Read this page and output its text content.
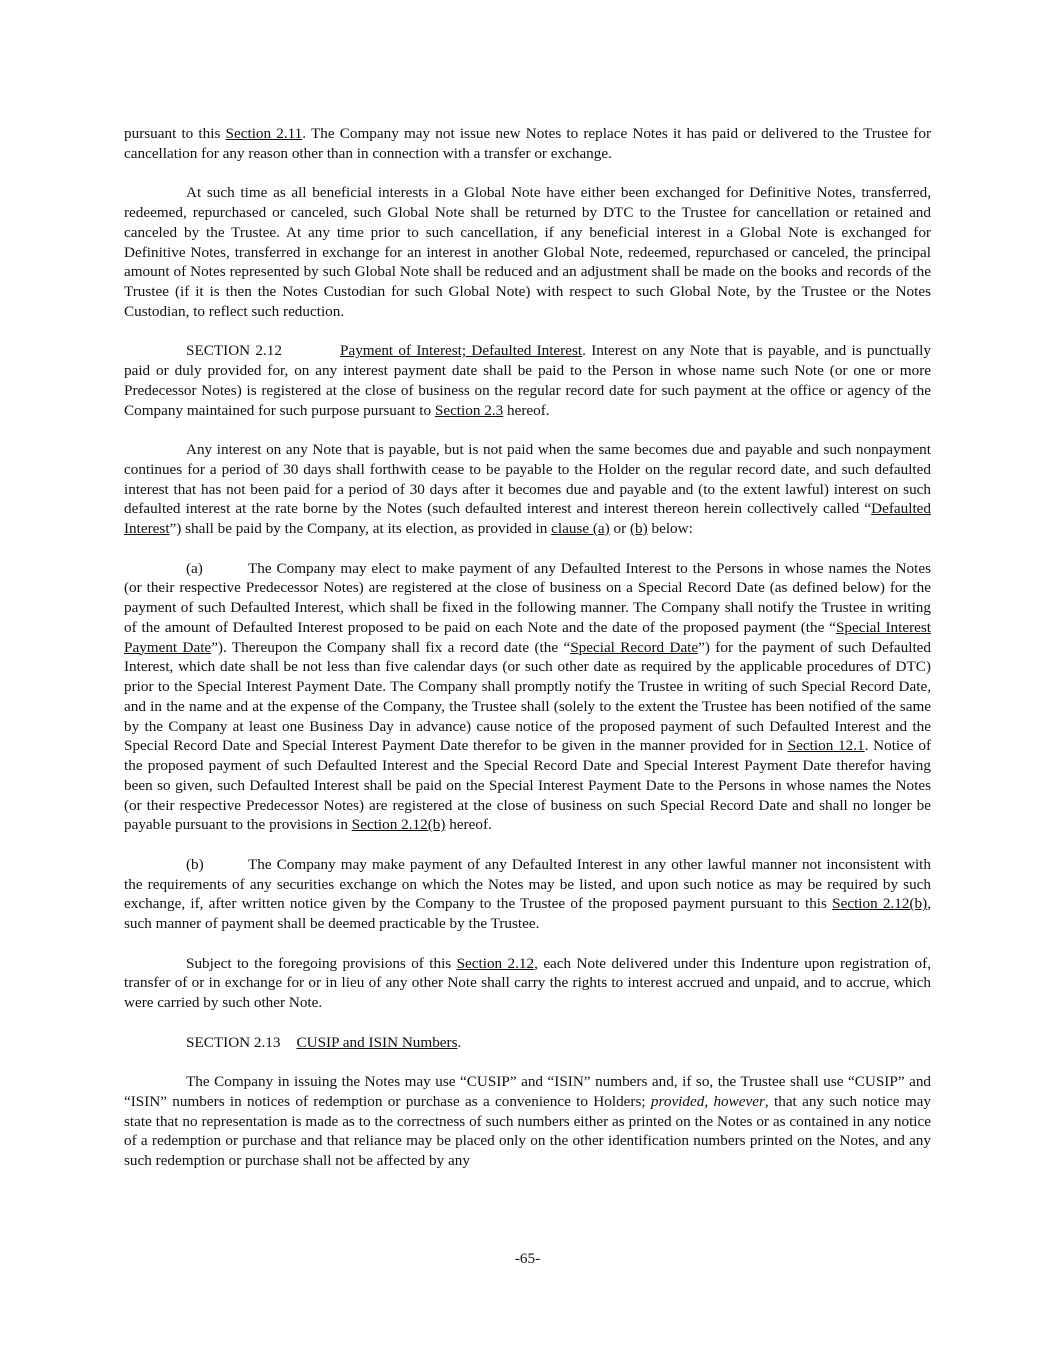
pursuant to this Section 2.11. The Company may not issue new Notes to replace Notes it has paid or delivered to the Trustee for cancellation for any reason other than in connection with a transfer or exchange.

At such time as all beneficial interests in a Global Note have either been exchanged for Definitive Notes, transferred, redeemed, repurchased or canceled, such Global Note shall be returned by DTC to the Trustee for cancellation or retained and canceled by the Trustee. At any time prior to such cancellation, if any beneficial interest in a Global Note is exchanged for Definitive Notes, transferred in exchange for an interest in another Global Note, redeemed, repurchased or canceled, the principal amount of Notes represented by such Global Note shall be reduced and an adjustment shall be made on the books and records of the Trustee (if it is then the Notes Custodian for such Global Note) with respect to such Global Note, by the Trustee or the Notes Custodian, to reflect such reduction.

SECTION 2.12	Payment of Interest; Defaulted Interest. Interest on any Note that is payable, and is punctually paid or duly provided for, on any interest payment date shall be paid to the Person in whose name such Note (or one or more Predecessor Notes) is registered at the close of business on the regular record date for such payment at the office or agency of the Company maintained for such purpose pursuant to Section 2.3 hereof.

Any interest on any Note that is payable, but is not paid when the same becomes due and payable and such nonpayment continues for a period of 30 days shall forthwith cease to be payable to the Holder on the regular record date, and such defaulted interest that has not been paid for a period of 30 days after it becomes due and payable and (to the extent lawful) interest on such defaulted interest at the rate borne by the Notes (such defaulted interest and interest thereon herein collectively called “Defaulted Interest”) shall be paid by the Company, at its election, as provided in clause (a) or (b) below:

(a)	The Company may elect to make payment of any Defaulted Interest to the Persons in whose names the Notes (or their respective Predecessor Notes) are registered at the close of business on a Special Record Date (as defined below) for the payment of such Defaulted Interest, which shall be fixed in the following manner. The Company shall notify the Trustee in writing of the amount of Defaulted Interest proposed to be paid on each Note and the date of the proposed payment (the “Special Interest Payment Date”). Thereupon the Company shall fix a record date (the “Special Record Date”) for the payment of such Defaulted Interest, which date shall be not less than five calendar days (or such other date as required by the applicable procedures of DTC) prior to the Special Interest Payment Date. The Company shall promptly notify the Trustee in writing of such Special Record Date, and in the name and at the expense of the Company, the Trustee shall (solely to the extent the Trustee has been notified of the same by the Company at least one Business Day in advance) cause notice of the proposed payment of such Defaulted Interest and the Special Record Date and Special Interest Payment Date therefor to be given in the manner provided for in Section 12.1. Notice of the proposed payment of such Defaulted Interest and the Special Record Date and Special Interest Payment Date therefor having been so given, such Defaulted Interest shall be paid on the Special Interest Payment Date to the Persons in whose names the Notes (or their respective Predecessor Notes) are registered at the close of business on such Special Record Date and shall no longer be payable pursuant to the provisions in Section 2.12(b) hereof.

(b)	The Company may make payment of any Defaulted Interest in any other lawful manner not inconsistent with the requirements of any securities exchange on which the Notes may be listed, and upon such notice as may be required by such exchange, if, after written notice given by the Company to the Trustee of the proposed payment pursuant to this Section 2.12(b), such manner of payment shall be deemed practicable by the Trustee.

Subject to the foregoing provisions of this Section 2.12, each Note delivered under this Indenture upon registration of, transfer of or in exchange for or in lieu of any other Note shall carry the rights to interest accrued and unpaid, and to accrue, which were carried by such other Note.

SECTION 2.13 CUSIP and ISIN Numbers.

The Company in issuing the Notes may use “CUSIP” and “ISIN” numbers and, if so, the Trustee shall use “CUSIP” and “ISIN” numbers in notices of redemption or purchase as a convenience to Holders; provided, however, that any such notice may state that no representation is made as to the correctness of such numbers either as printed on the Notes or as contained in any notice of a redemption or purchase and that reliance may be placed only on the other identification numbers printed on the Notes, and any such redemption or purchase shall not be affected by any

-65-
